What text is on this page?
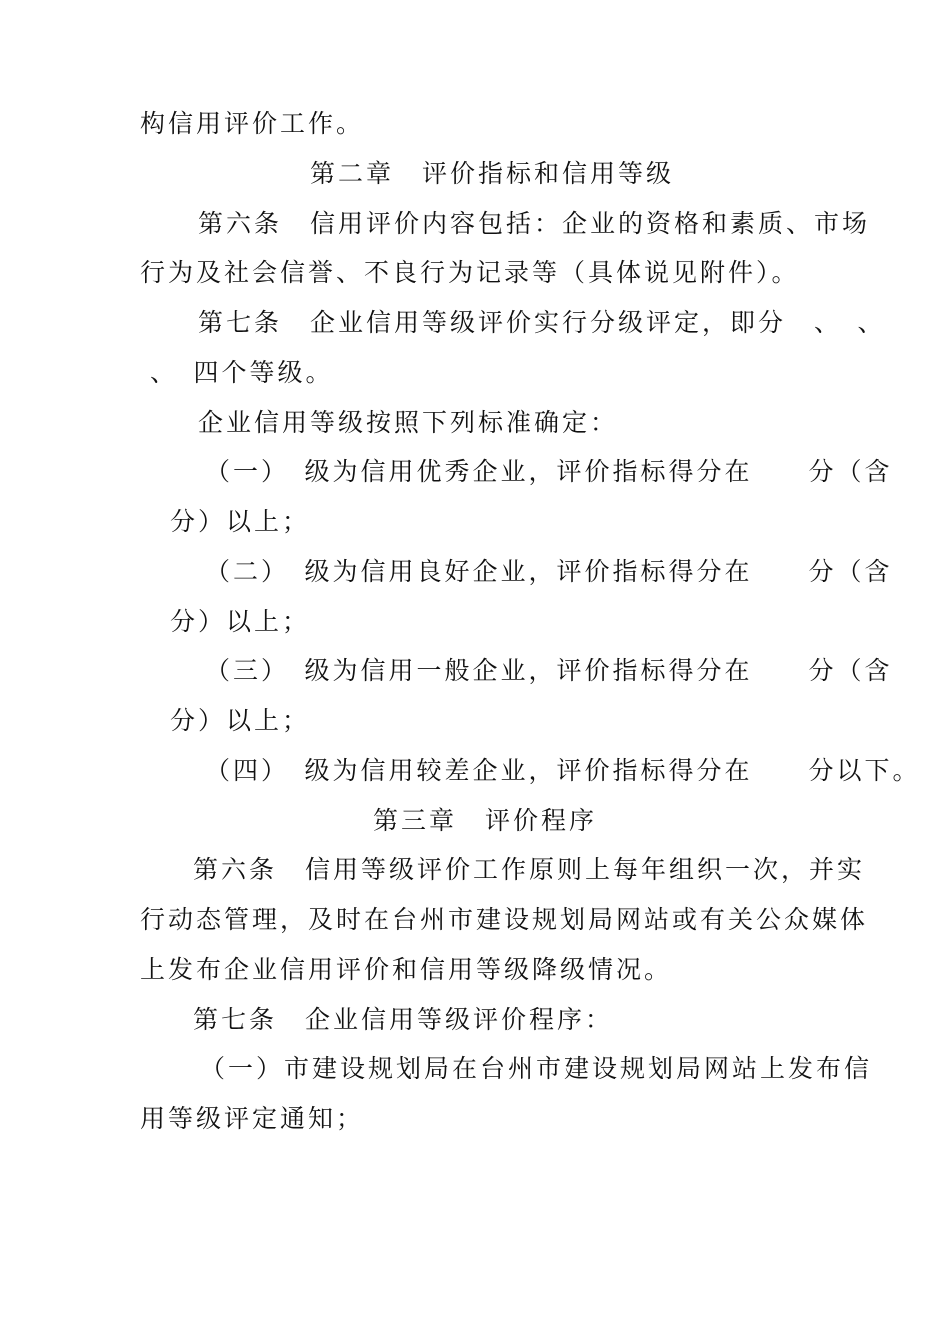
构信用评价工作。

第二章　评价指标和信用等级

第六条　信用评价内容包括：企业的资格和素质、市场

行为及社会信誉、不良行为记录等（具体说见附件）。

第七条　企业信用等级评价实行分级评定，即分　、　、

、　四个等级。

企业信用等级按照下列标准确定：

（一）　级为信用优秀企业，评价指标得分在　　分（含

分）以上；

（二）　级为信用良好企业，评价指标得分在　　分（含

分）以上；

（三）　级为信用一般企业，评价指标得分在　　分（含

分）以上；

（四）　级为信用较差企业，评价指标得分在　　分以下。

第三章　评价程序

第六条　信用等级评价工作原则上每年组织一次，并实

行动态管理，及时在台州市建设规划局网站或有关公众媒体

上发布企业信用评价和信用等级降级情况。

第七条　企业信用等级评价程序：

（一）市建设规划局在台州市建设规划局网站上发布信

用等级评定通知；
